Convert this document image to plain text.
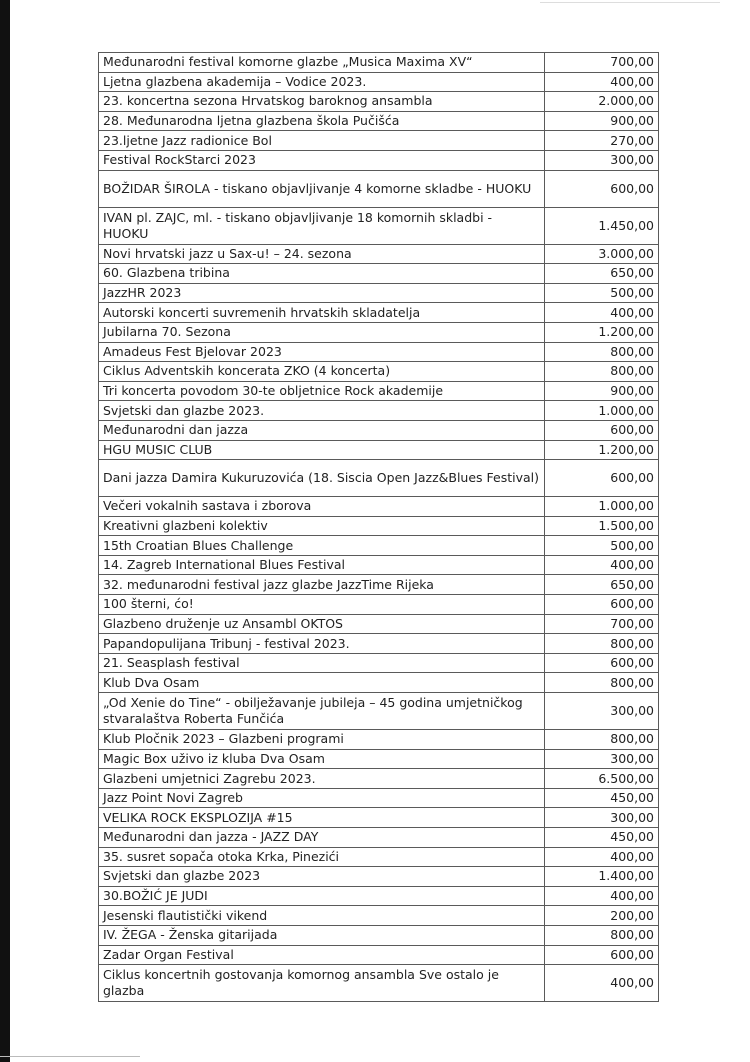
Međunarodni festival komorne glazbe „Musica Maxima XV“	700,00
Ljetna glazbena akademija – Vodice 2023.	400,00
23. koncertna sezona Hrvatskog baroknog ansambla	2.000,00
28. Međunarodna ljetna glazbena škola Pučišća	900,00
23.ljetne Jazz radionice Bol	270,00
Festival RockStarci 2023	300,00
BOŽIDAR ŠIROLA - tiskano objavljivanje 4 komorne skladbe - HUOKU	600,00
IVAN pl. ZAJC, ml. - tiskano objavljivanje 18 komornih skladbi - HUOKU	1.450,00
Novi hrvatski jazz u Sax-u! – 24. sezona	3.000,00
60. Glazbena tribina	650,00
JazzHR 2023	500,00
Autorski koncerti suvremenih hrvatskih skladatelja	400,00
Jubilarna 70. Sezona	1.200,00
Amadeus Fest Bjelovar 2023	800,00
Ciklus Adventskih koncerata ZKO (4 koncerta)	800,00
Tri koncerta povodom 30-te obljetnice Rock akademije	900,00
Svjetski dan glazbe 2023.	1.000,00
Međunarodni dan jazza	600,00
HGU MUSIC CLUB	1.200,00
Dani jazza Damira Kukuruzovića (18. Siscia Open Jazz&Blues Festival)	600,00
Večeri vokalnih sastava i zborova	1.000,00
Kreativni glazbeni kolektiv	1.500,00
15th Croatian Blues Challenge	500,00
14. Zagreb International Blues Festival	400,00
32. međunarodni festival jazz glazbe JazzTime Rijeka	650,00
100 šterni, ćo!	600,00
Glazbeno druženje uz Ansambl OKTOS	700,00
Papandopulijana Tribunj - festival 2023.	800,00
21. Seasplash festival	600,00
Klub Dva Osam	800,00
„Od Xenie do Tine“ - obilježavanje jubileja – 45 godina umjetničkog stvaralaštva Roberta Funčića	300,00
Klub Pločnik 2023 – Glazbeni programi	800,00
Magic Box uživo iz kluba Dva Osam	300,00
Glazbeni umjetnici Zagrebu 2023.	6.500,00
Jazz Point Novi Zagreb	450,00
VELIKA ROCK EKSPLOZIJA #15	300,00
Međunarodni dan jazza - JAZZ DAY	450,00
35. susret sopača otoka Krka, Pinezići	400,00
Svjetski dan glazbe 2023	1.400,00
30.BOŽIĆ JE JUDI	400,00
Jesenski flautistički vikend	200,00
IV. ŽEGA - Ženska gitarijada	800,00
Zadar Organ Festival	600,00
Ciklus koncertnih gostovanja komornog ansambla Sve ostalo je glazba	400,00
